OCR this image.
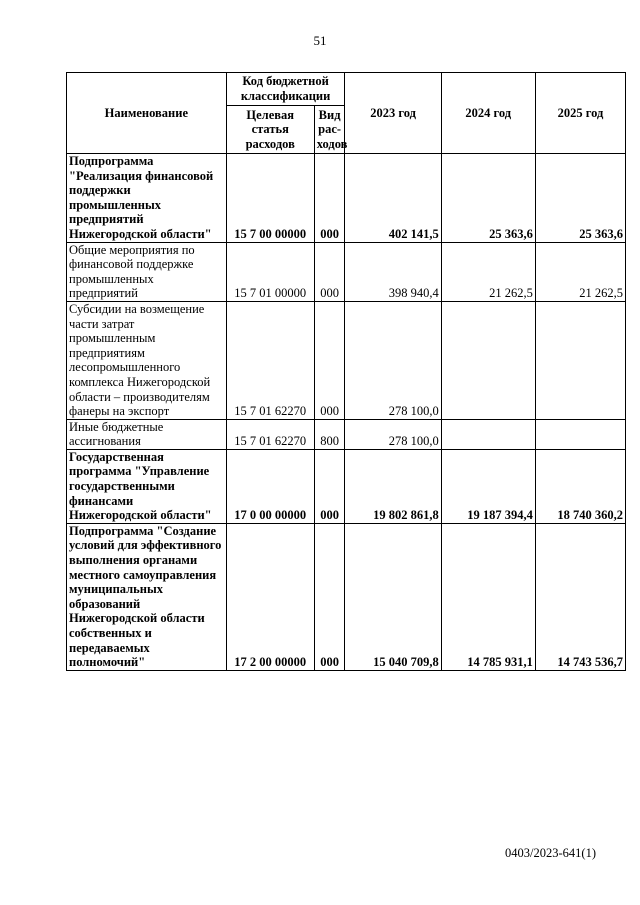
51
Наименование	Код бюджетной классификации		2023 год	2024 год	2025 год
	Целевая статья расходов	Вид рас-ходов			
Подпрограмма "Реализация финансовой поддержки промышленных предприятий Нижегородской области"	15 7 00 00000	000	402 141,5	25 363,6	25 363,6
Общие мероприятия по финансовой поддержке промышленных предприятий	15 7 01 00000	000	398 940,4	21 262,5	21 262,5
Субсидии на возмещение части затрат промышленным предприятиям лесопромышленного комплекса Нижегородской области – производителям фанеры на экспорт	15 7 01 62270	000	278 100,0		
Иные бюджетные ассигнования	15 7 01 62270	800	278 100,0		
Государственная программа "Управление государственными финансами Нижегородской области"	17 0 00 00000	000	19 802 861,8	19 187 394,4	18 740 360,2
Подпрограмма "Создание условий для эффективного выполнения органами местного самоуправления муниципальных образований Нижегородской области собственных и передаваемых полномочий"	17 2 00 00000	000	15 040 709,8	14 785 931,1	14 743 536,7
0403/2023-641(1)
